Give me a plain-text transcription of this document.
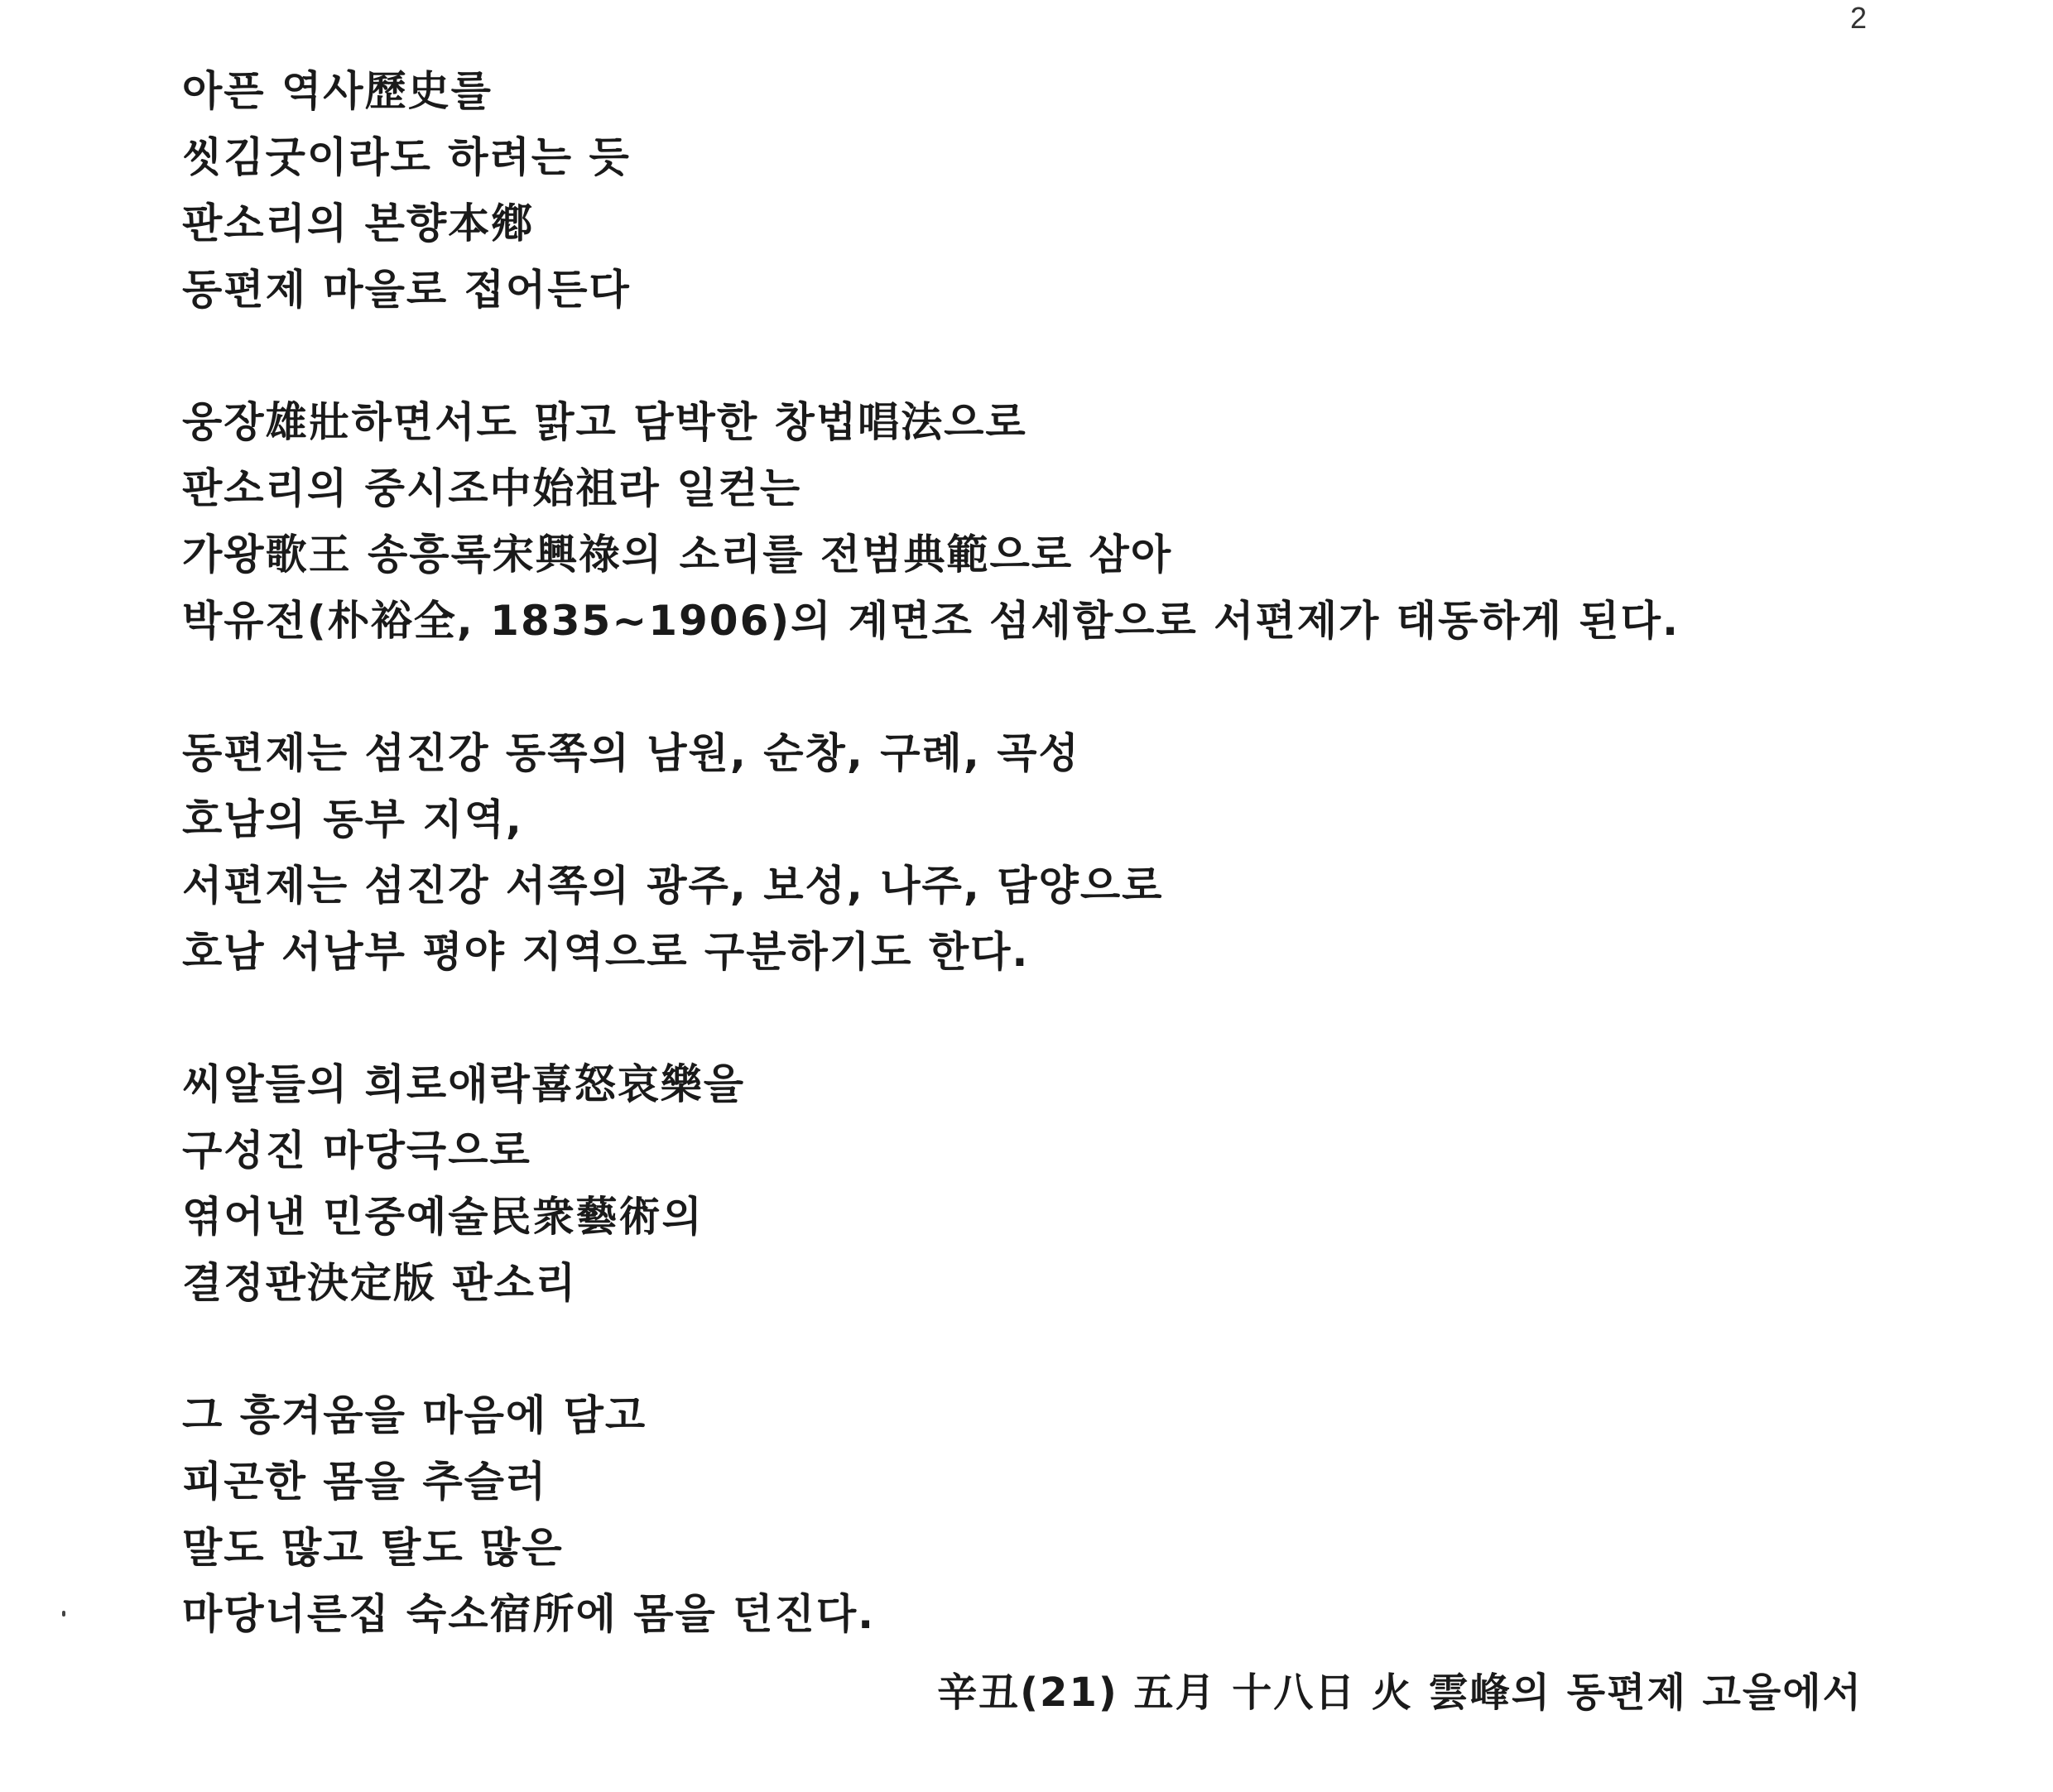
2
아픈 역사歷史를
씻김굿이라도 하려는 듯
판소리의 본향本鄕
동편제 마을로 접어든다
웅장雄壯하면서도 맑고 담박한 창법唱法으로
판소리의 중시조中始祖라 일컫는
가왕歌王 송흥록宋興祿의 소리를 전범典範으로 삼아
박유전(朴裕全, 1835~1906)의 계면조 섬세함으로 서편제가 태동하게 된다.
동편제는 섬진강 동쪽의 남원, 순창, 구례, 곡성
호남의 동부 지역,
서편제는 섬진강 서쪽의 광주, 보성, 나주, 담양으로
호남 서남부 평야 지역으로 구분하기도 한다.
씨알들의 희로애락喜怒哀樂을
구성진 마당극으로
엮어낸 민중예술民衆藝術의
결정판決定版 판소리
그 흥겨움을 마음에 담고
피곤한 몸을 추슬러
말도 많고 탈도 많은
마당너른집 숙소宿所에 몸을 던진다.
辛丑(21) 五月 十八日 火 雲峰의 동편제 고을에서
